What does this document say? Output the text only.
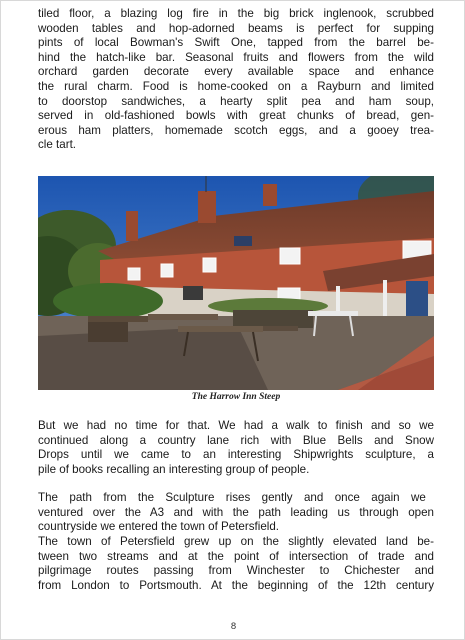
tiled floor, a blazing log fire in the big brick inglenook, scrubbed
wooden tables and hop-adorned beams is perfect for supping
pints of local Bowman's Swift One, tapped from the barrel be-
hind the hatch-like bar. Seasonal fruits and flowers from the wild
orchard garden decorate every available space and enhance
the rural charm. Food is home-cooked on a Rayburn and limited
to doorstop sandwiches, a hearty split pea and ham soup,
served in old-fashioned bowls with great chunks of bread, gen-
erous ham platters, homemade scotch eggs, and a gooey trea-
cle tart.

The Harrow Inn Steep

But we had no time for that. We had a walk to finish and so we
continued along a country lane rich with Blue Bells and Snow
Drops until we came to an interesting Shipwrights sculpture, a
pile of books recalling an interesting group of people.

The path from the Sculpture rises gently and once again we
ventured over the A3 and with the path leading us through open
countryside we entered the town of Petersfield.

The town of Petersfield grew up on the slightly elevated land be-
tween two streams and at the point of intersection of trade and
pilgrimage routes passing from Winchester to Chichester and
from London to Portsmouth. At the beginning of the 12th century

8
